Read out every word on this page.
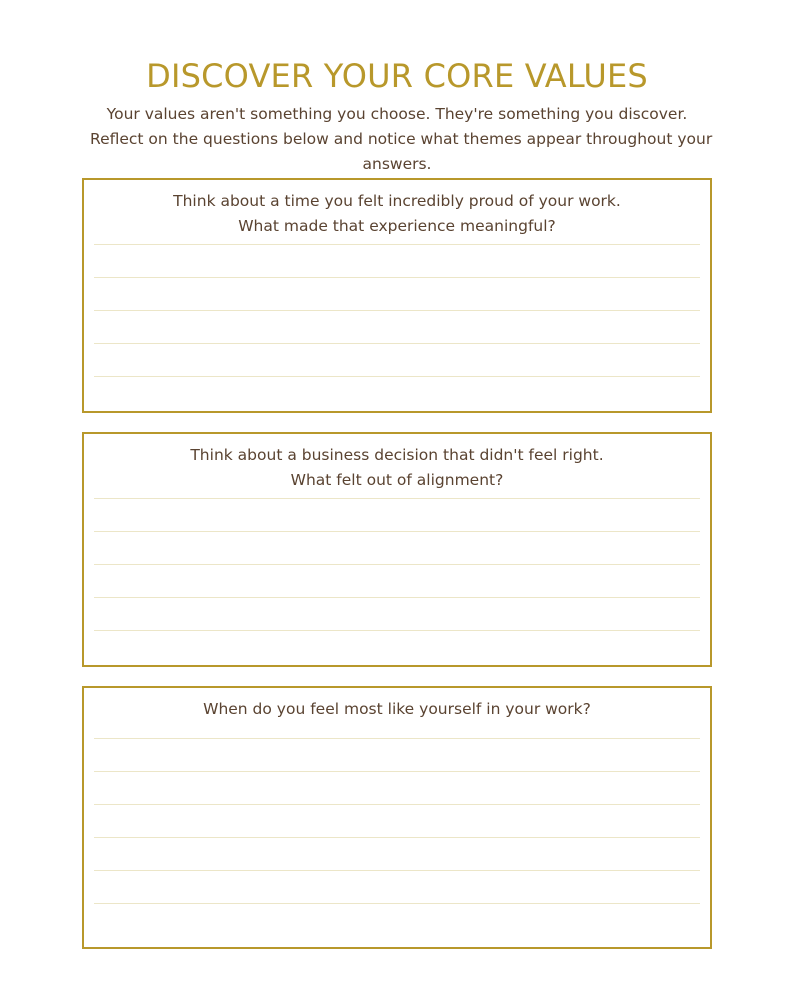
DISCOVER YOUR CORE VALUES

Your values aren't something you choose. They're something you discover.
Reflect on the questions below and notice what themes appear throughout your
answers.

Think about a time you felt incredibly proud of your work.
What made that experience meaningful?
Think about a business decision that didn't feel right.
What felt out of alignment?
When do you feel most like yourself in your work?
